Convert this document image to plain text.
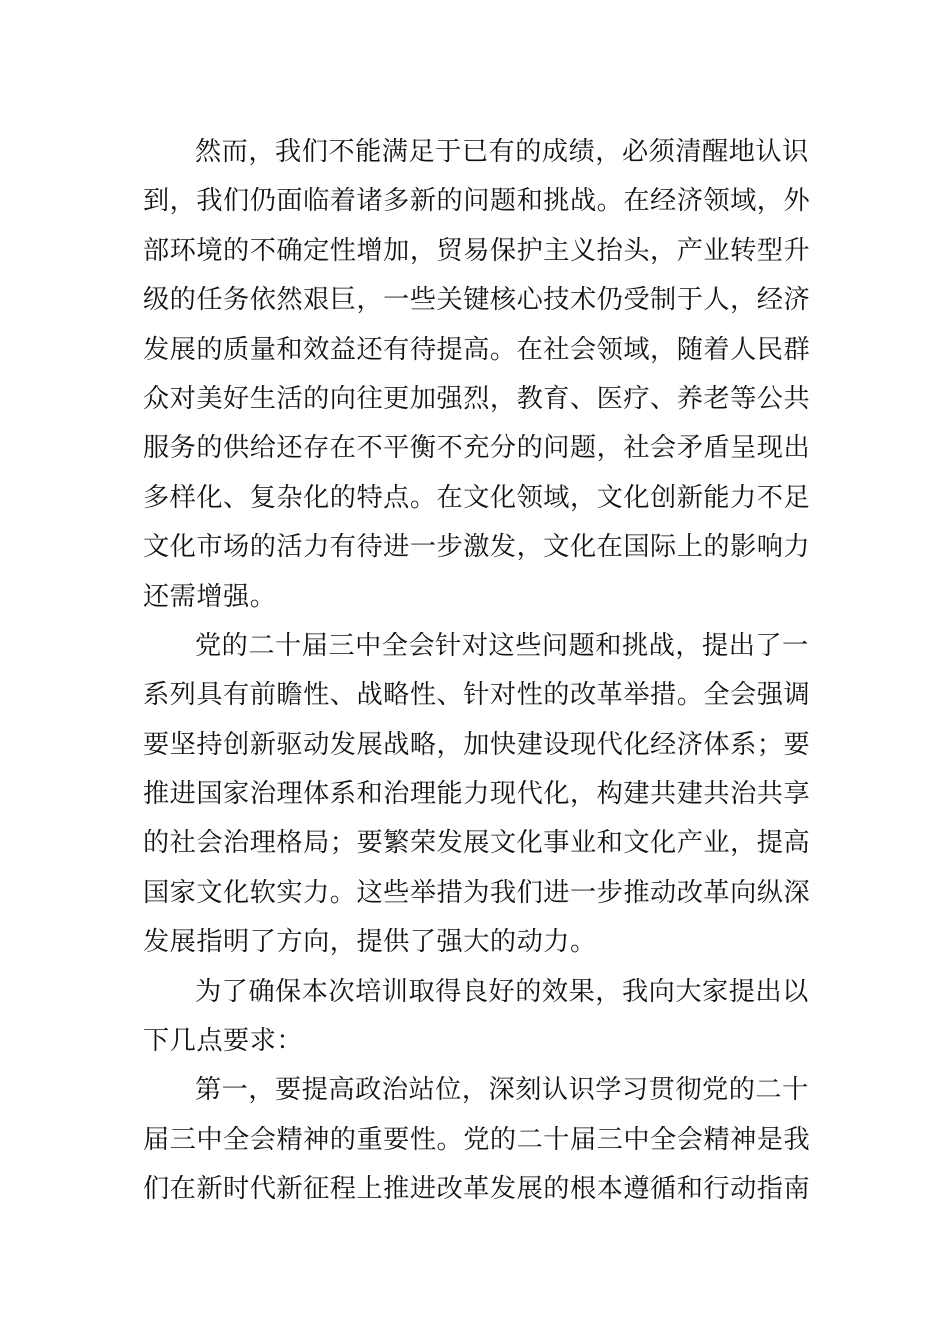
然而，我们不能满足于已有的成绩，必须清醒地认识
到，我们仍面临着诸多新的问题和挑战。在经济领域，外
部环境的不确定性增加，贸易保护主义抬头，产业转型升
级的任务依然艰巨，一些关键核心技术仍受制于人，经济
发展的质量和效益还有待提高。在社会领域，随着人民群
众对美好生活的向往更加强烈，教育、医疗、养老等公共
服务的供给还存在不平衡不充分的问题，社会矛盾呈现出
多样化、复杂化的特点。在文化领域，文化创新能力不足
文化市场的活力有待进一步激发，文化在国际上的影响力
还需增强。

党的二十届三中全会针对这些问题和挑战，提出了一
系列具有前瞻性、战略性、针对性的改革举措。全会强调
要坚持创新驱动发展战略，加快建设现代化经济体系；要
推进国家治理体系和治理能力现代化，构建共建共治共享
的社会治理格局；要繁荣发展文化事业和文化产业，提高
国家文化软实力。这些举措为我们进一步推动改革向纵深
发展指明了方向，提供了强大的动力。

为了确保本次培训取得良好的效果，我向大家提出以
下几点要求：

第一，要提高政治站位，深刻认识学习贯彻党的二十
届三中全会精神的重要性。党的二十届三中全会精神是我
们在新时代新征程上推进改革发展的根本遵循和行动指南
